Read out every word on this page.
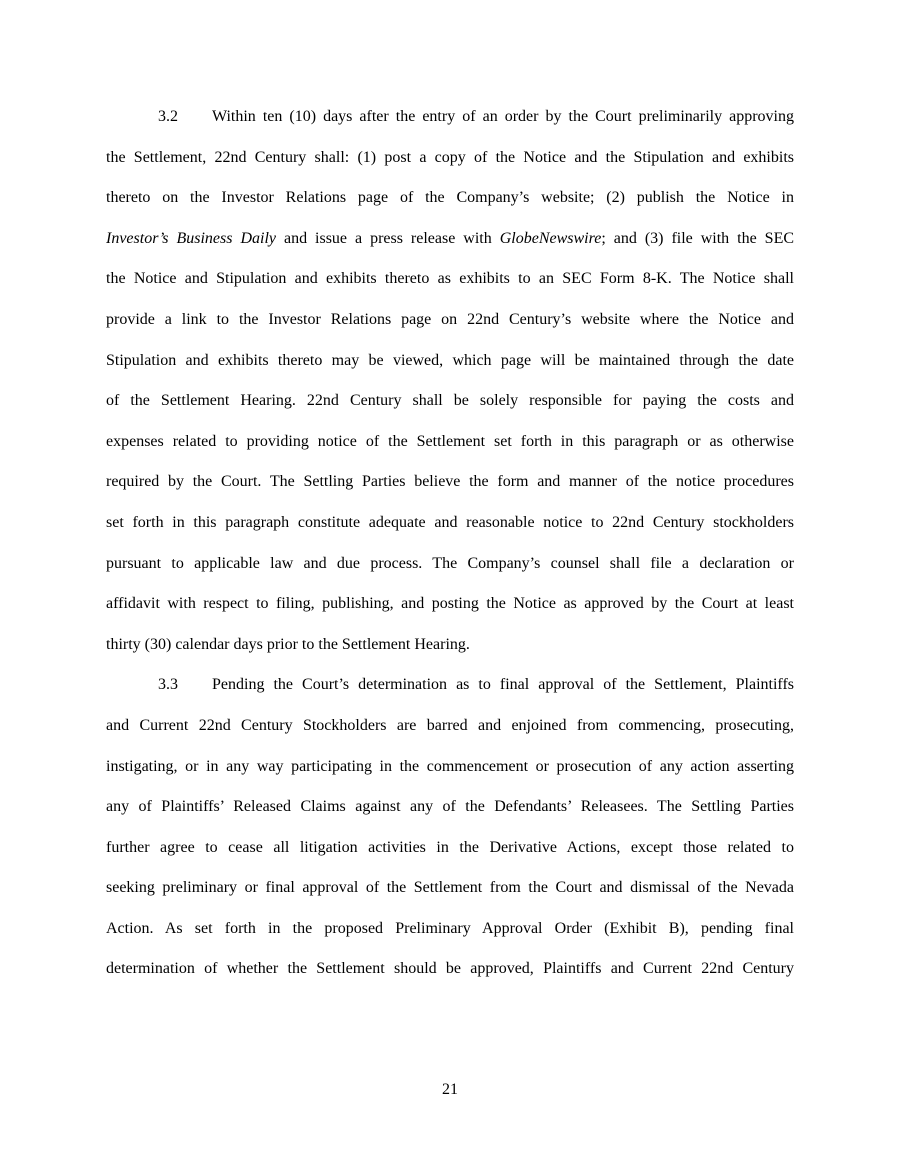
3.2 Within ten (10) days after the entry of an order by the Court preliminarily approving
the Settlement, 22nd Century shall: (1) post a copy of the Notice and the Stipulation and exhibits
thereto on the Investor Relations page of the Company’s website; (2) publish the Notice in
Investor’s Business Daily and issue a press release with GlobeNewswire; and (3) file with the SEC
the Notice and Stipulation and exhibits thereto as exhibits to an SEC Form 8-K. The Notice shall
provide a link to the Investor Relations page on 22nd Century’s website where the Notice and
Stipulation and exhibits thereto may be viewed, which page will be maintained through the date
of the Settlement Hearing. 22nd Century shall be solely responsible for paying the costs and
expenses related to providing notice of the Settlement set forth in this paragraph or as otherwise
required by the Court. The Settling Parties believe the form and manner of the notice procedures
set forth in this paragraph constitute adequate and reasonable notice to 22nd Century stockholders
pursuant to applicable law and due process. The Company’s counsel shall file a declaration or
affidavit with respect to filing, publishing, and posting the Notice as approved by the Court at least
thirty (30) calendar days prior to the Settlement Hearing.
3.3 Pending the Court’s determination as to final approval of the Settlement, Plaintiffs
and Current 22nd Century Stockholders are barred and enjoined from commencing, prosecuting,
instigating, or in any way participating in the commencement or prosecution of any action asserting
any of Plaintiffs’ Released Claims against any of the Defendants’ Releasees. The Settling Parties
further agree to cease all litigation activities in the Derivative Actions, except those related to
seeking preliminary or final approval of the Settlement from the Court and dismissal of the Nevada
Action. As set forth in the proposed Preliminary Approval Order (Exhibit B), pending final
determination of whether the Settlement should be approved, Plaintiffs and Current 22nd Century
21
